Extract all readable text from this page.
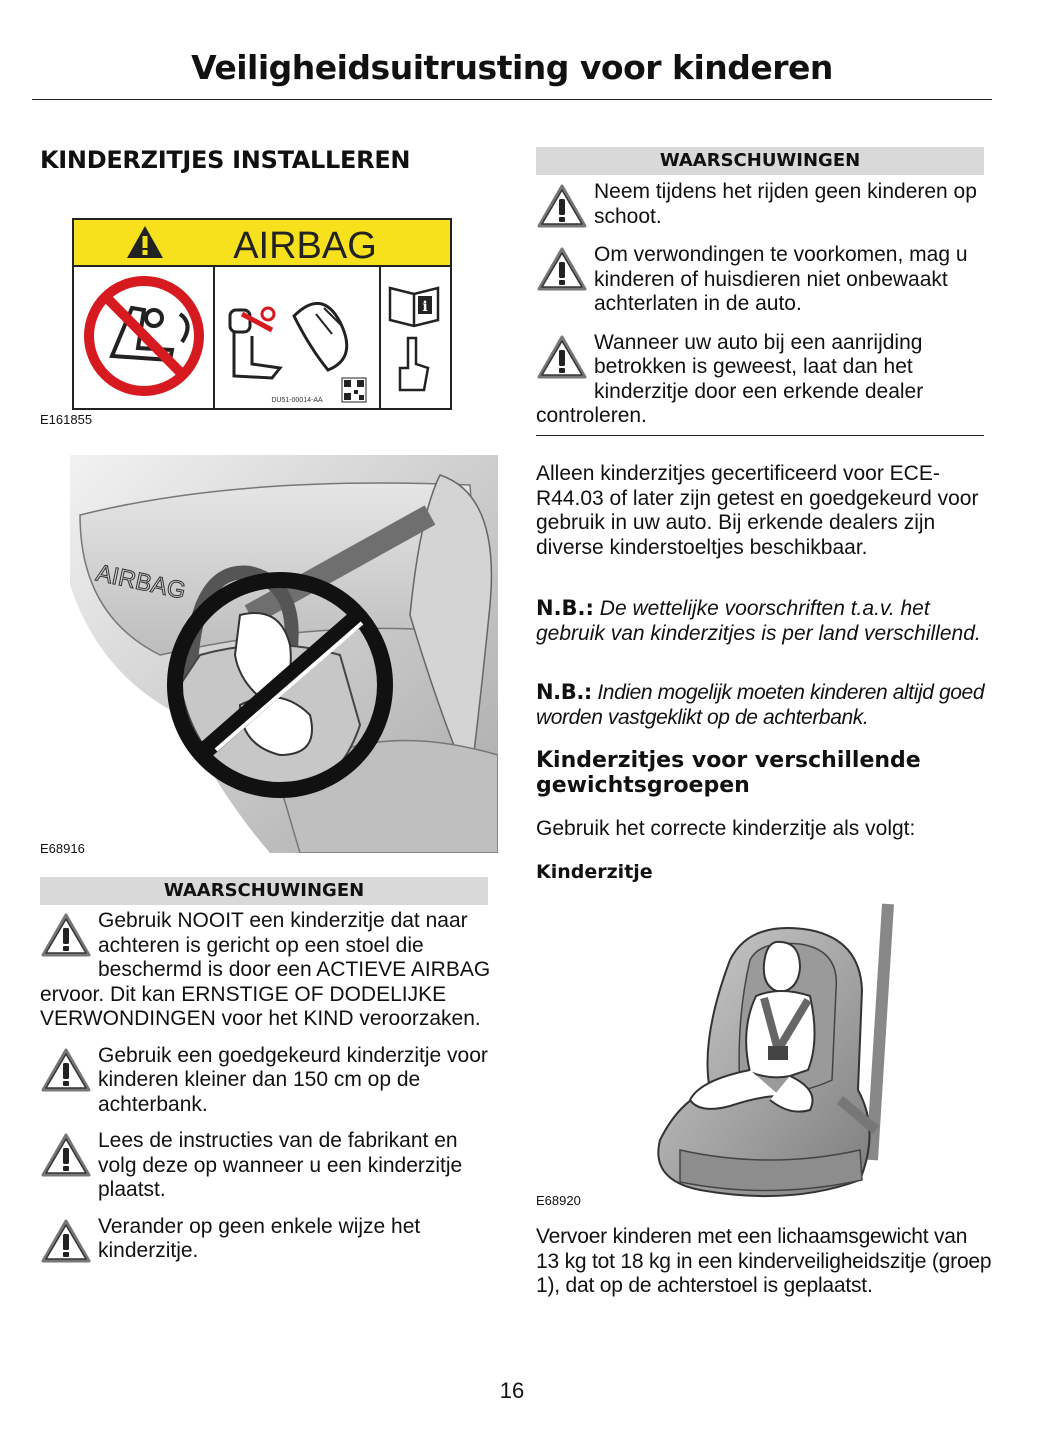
Veiligheidsuitrusting voor kinderen
KINDERZITJES INSTALLEREN
AIRBAG
DU51-00014-AA
i
E161855
AIRBAG
E68916
WAARSCHUWINGEN
Gebruik NOOIT een kinderzitje dat naar achteren is gericht op een stoel die beschermd is door een ACTIEVE AIRBAG ervoor. Dit kan ERNSTIGE OF DODELIJKE VERWONDINGEN voor het KIND veroorzaken.
Gebruik een goedgekeurd kinderzitje voor kinderen kleiner dan 150 cm op de achterbank.
Lees de instructies van de fabrikant en volg deze op wanneer u een kinderzitje plaatst.
Verander op geen enkele wijze het kinderzitje.
WAARSCHUWINGEN
Neem tijdens het rijden geen kinderen op schoot.
Om verwondingen te voorkomen, mag u kinderen of huisdieren niet onbewaakt achterlaten in de auto.
Wanneer uw auto bij een aanrijding betrokken is geweest, laat dan het kinderzitje door een erkende dealer controleren.
Alleen kinderzitjes gecertificeerd voor ECE-R44.03 of later zijn getest en goedgekeurd voor gebruik in uw auto. Bij erkende dealers zijn diverse kinderstoeltjes beschikbaar.
N.B.: De wettelijke voorschriften t.a.v. het gebruik van kinderzitjes is per land verschillend.
N.B.: Indien mogelijk moeten kinderen altijd goed worden vastgeklikt op de achterbank.
Kinderzitjes voor verschillende gewichtsgroepen
Gebruik het correcte kinderzitje als volgt:
Kinderzitje
E68920
Vervoer kinderen met een lichaamsgewicht van 13 kg tot 18 kg in een kinderveiligheidszitje (groep 1), dat op de achterstoel is geplaatst.
16
